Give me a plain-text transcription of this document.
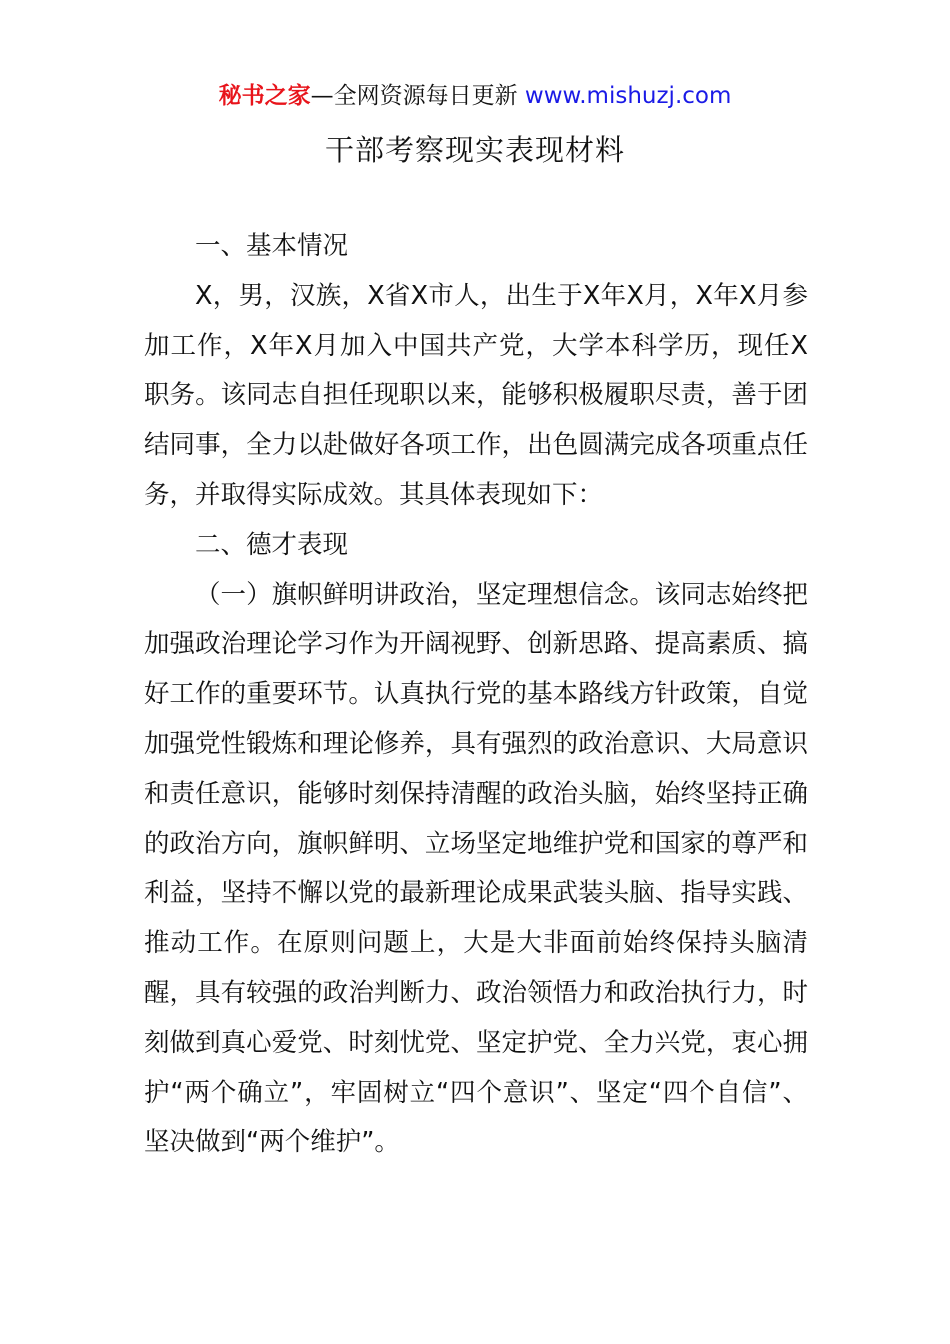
秘书之家—全网资源每日更新 www.mishuzj.com
干部考察现实表现材料

一、基本情况

X，男，汉族，X省X市人，出生于X年X月，X年X月参加工作，X年X月加入中国共产党，大学本科学历，现任X职务。该同志自担任现职以来，能够积极履职尽责，善于团结同事，全力以赴做好各项工作，出色圆满完成各项重点任务，并取得实际成效。其具体表现如下：

二、德才表现

（一）旗帜鲜明讲政治，坚定理想信念。该同志始终把加强政治理论学习作为开阔视野、创新思路、提高素质、搞好工作的重要环节。认真执行党的基本路线方针政策，自觉加强党性锻炼和理论修养，具有强烈的政治意识、大局意识和责任意识，能够时刻保持清醒的政治头脑，始终坚持正确的政治方向，旗帜鲜明、立场坚定地维护党和国家的尊严和利益，坚持不懈以党的最新理论成果武装头脑、指导实践、推动工作。在原则问题上，大是大非面前始终保持头脑清醒，具有较强的政治判断力、政治领悟力和政治执行力，时刻做到真心爱党、时刻忧党、坚定护党、全力兴党，衷心拥护“两个确立”，牢固树立“四个意识”、坚定“四个自信”、坚决做到“两个维护”。
